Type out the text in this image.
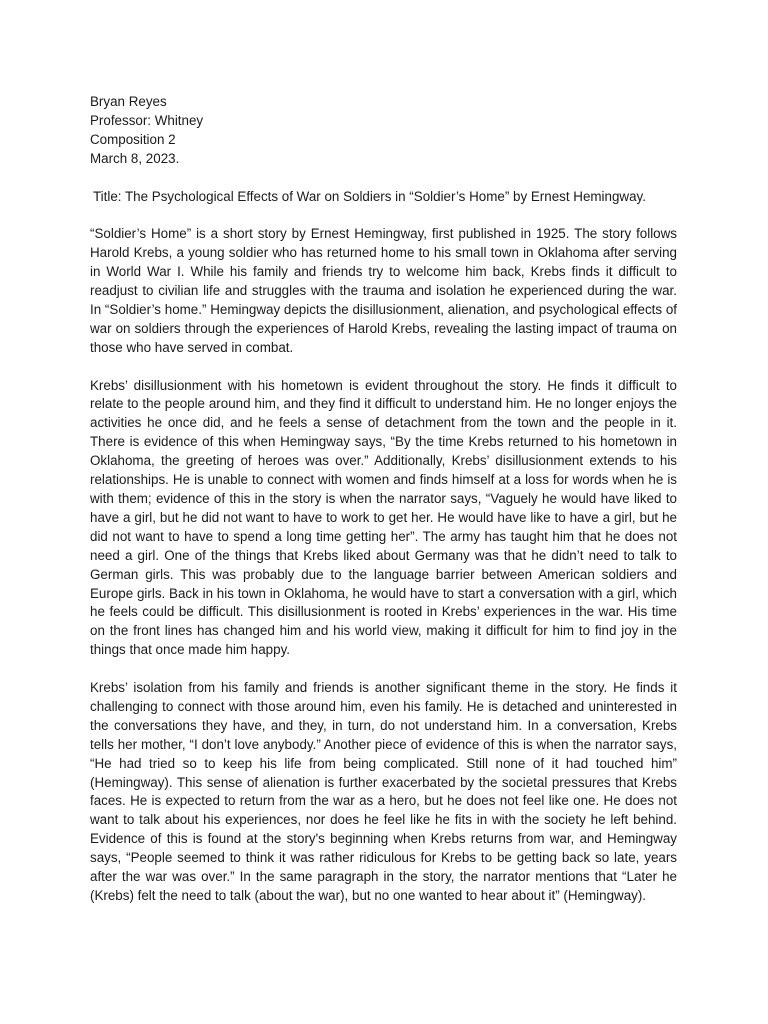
Bryan Reyes
Professor: Whitney
Composition 2
March 8, 2023.
Title: The Psychological Effects of War on Soldiers in “Soldier’s Home” by Ernest Hemingway.

“Soldier’s Home” is a short story by Ernest Hemingway, first published in 1925. The story follows Harold Krebs, a young soldier who has returned home to his small town in Oklahoma after serving in World War I. While his family and friends try to welcome him back, Krebs finds it difficult to readjust to civilian life and struggles with the trauma and isolation he experienced during the war. In “Soldier’s home.” Hemingway depicts the disillusionment, alienation, and psychological effects of war on soldiers through the experiences of Harold Krebs, revealing the lasting impact of trauma on those who have served in combat.

Krebs’ disillusionment with his hometown is evident throughout the story. He finds it difficult to relate to the people around him, and they find it difficult to understand him. He no longer enjoys the activities he once did, and he feels a sense of detachment from the town and the people in it. There is evidence of this when Hemingway says, “By the time Krebs returned to his hometown in Oklahoma, the greeting of heroes was over.” Additionally, Krebs’ disillusionment extends to his relationships. He is unable to connect with women and finds himself at a loss for words when he is with them; evidence of this in the story is when the narrator says, “Vaguely he would have liked to have a girl, but he did not want to have to work to get her. He would have like to have a girl, but he did not want to have to spend a long time getting her”. The army has taught him that he does not need a girl. One of the things that Krebs liked about Germany was that he didn’t need to talk to German girls. This was probably due to the language barrier between American soldiers and Europe girls. Back in his town in Oklahoma, he would have to start a conversation with a girl, which he feels could be difficult. This disillusionment is rooted in Krebs’ experiences in the war. His time on the front lines has changed him and his world view, making it difficult for him to find joy in the things that once made him happy.

Krebs’ isolation from his family and friends is another significant theme in the story. He finds it challenging to connect with those around him, even his family. He is detached and uninterested in the conversations they have, and they, in turn, do not understand him. In a conversation, Krebs tells her mother, “I don’t love anybody.” Another piece of evidence of this is when the narrator says, “He had tried so to keep his life from being complicated. Still none of it had touched him” (Hemingway). This sense of alienation is further exacerbated by the societal pressures that Krebs faces. He is expected to return from the war as a hero, but he does not feel like one. He does not want to talk about his experiences, nor does he feel like he fits in with the society he left behind. Evidence of this is found at the story's beginning when Krebs returns from war, and Hemingway says, “People seemed to think it was rather ridiculous for Krebs to be getting back so late, years after the war was over.” In the same paragraph in the story, the narrator mentions that “Later he (Krebs) felt the need to talk (about the war), but no one wanted to hear about it” (Hemingway).
